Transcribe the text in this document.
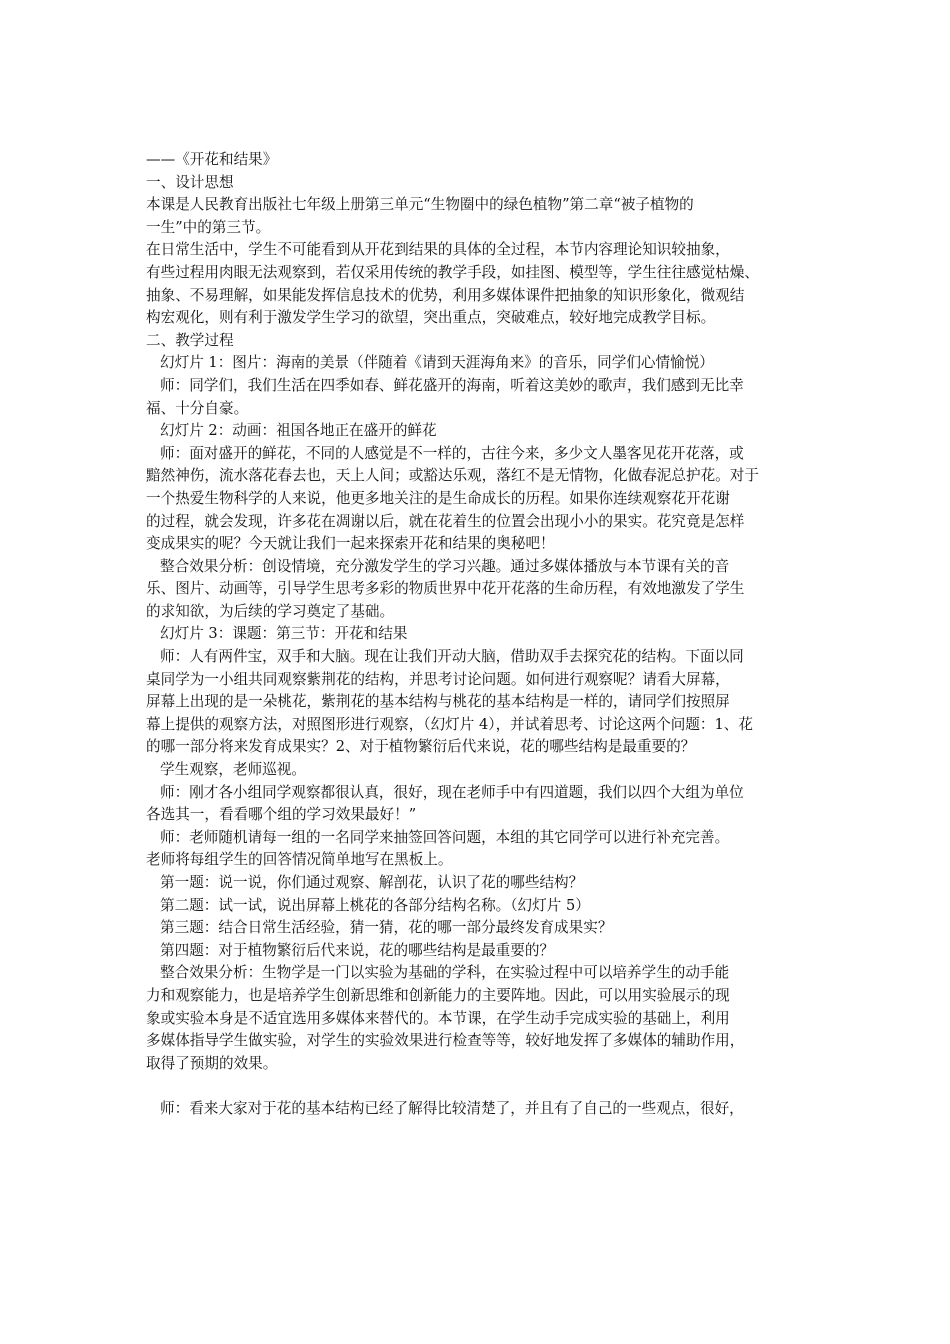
——《开花和结果》
一、设计思想
本课是人民教育出版社七年级上册第三单元“生物圈中的绿色植物”第二章“被子植物的
一生”中的第三节。
在日常生活中，学生不可能看到从开花到结果的具体的全过程，本节内容理论知识较抽象，
有些过程用肉眼无法观察到，若仅采用传统的教学手段，如挂图、模型等，学生往往感觉枯燥、
抽象、不易理解，如果能发挥信息技术的优势，利用多媒体课件把抽象的知识形象化，微观结
构宏观化，则有利于激发学生学习的欲望，突出重点，突破难点，较好地完成教学目标。
二、教学过程
幻灯片 1：图片：海南的美景（伴随着《请到天涯海角来》的音乐，同学们心情愉悦）
师：同学们，我们生活在四季如春、鲜花盛开的海南，听着这美妙的歌声，我们感到无比幸
福、十分自豪。
幻灯片 2：动画：祖国各地正在盛开的鲜花
师：面对盛开的鲜花，不同的人感觉是不一样的，古往今来，多少文人墨客见花开花落，或
黯然神伤，流水落花春去也，天上人间；或豁达乐观，落红不是无情物，化做春泥总护花。对于
一个热爱生物科学的人来说，他更多地关注的是生命成长的历程。如果你连续观察花开花谢
的过程，就会发现，许多花在凋谢以后，就在花着生的位置会出现小小的果实。花究竟是怎样
变成果实的呢？今天就让我们一起来探索开花和结果的奥秘吧！
整合效果分析：创设情境，充分激发学生的学习兴趣。通过多媒体播放与本节课有关的音
乐、图片、动画等，引导学生思考多彩的物质世界中花开花落的生命历程，有效地激发了学生
的求知欲，为后续的学习奠定了基础。
幻灯片 3：课题：第三节：开花和结果
师：人有两件宝，双手和大脑。现在让我们开动大脑，借助双手去探究花的结构。下面以同
桌同学为一小组共同观察紫荆花的结构，并思考讨论问题。如何进行观察呢？请看大屏幕，
屏幕上出现的是一朵桃花，紫荆花的基本结构与桃花的基本结构是一样的，请同学们按照屏
幕上提供的观察方法，对照图形进行观察，（幻灯片 4），并试着思考、讨论这两个问题：1、花
的哪一部分将来发育成果实？2、对于植物繁衍后代来说，花的哪些结构是最重要的？
学生观察，老师巡视。
师：刚才各小组同学观察都很认真，很好，现在老师手中有四道题，我们以四个大组为单位
各选其一，看看哪个组的学习效果最好！”
师：老师随机请每一组的一名同学来抽签回答问题，本组的其它同学可以进行补充完善。
老师将每组学生的回答情况简单地写在黑板上。
第一题：说一说，你们通过观察、解剖花，认识了花的哪些结构？
第二题：试一试，说出屏幕上桃花的各部分结构名称。（幻灯片 5）
第三题：结合日常生活经验，猜一猜，花的哪一部分最终发育成果实？
第四题：对于植物繁衍后代来说，花的哪些结构是最重要的？
整合效果分析：生物学是一门以实验为基础的学科，在实验过程中可以培养学生的动手能
力和观察能力，也是培养学生创新思维和创新能力的主要阵地。因此，可以用实验展示的现
象或实验本身是不适宜选用多媒体来替代的。本节课，在学生动手完成实验的基础上，利用
多媒体指导学生做实验，对学生的实验效果进行检查等等，较好地发挥了多媒体的辅助作用，
取得了预期的效果。
师：看来大家对于花的基本结构已经了解得比较清楚了，并且有了自己的一些观点，很好，
